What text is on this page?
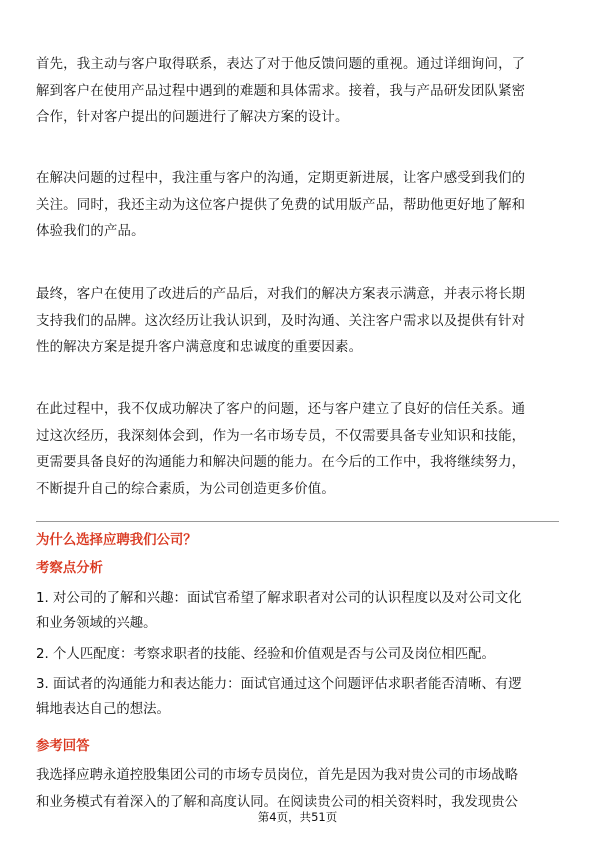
首先，我主动与客户取得联系，表达了对于他反馈问题的重视。通过详细询问，了
解到客户在使用产品过程中遇到的难题和具体需求。接着，我与产品研发团队紧密
合作，针对客户提出的问题进行了解决方案的设计。

在解决问题的过程中，我注重与客户的沟通，定期更新进展，让客户感受到我们的
关注。同时，我还主动为这位客户提供了免费的试用版产品，帮助他更好地了解和
体验我们的产品。

最终，客户在使用了改进后的产品后，对我们的解决方案表示满意，并表示将长期
支持我们的品牌。这次经历让我认识到，及时沟通、关注客户需求以及提供有针对
性的解决方案是提升客户满意度和忠诚度的重要因素。

在此过程中，我不仅成功解决了客户的问题，还与客户建立了良好的信任关系。通
过这次经历，我深刻体会到，作为一名市场专员，不仅需要具备专业知识和技能，
更需要具备良好的沟通能力和解决问题的能力。在今后的工作中，我将继续努力，
不断提升自己的综合素质，为公司创造更多价值。

为什么选择应聘我们公司？
考察点分析

1. 对公司的了解和兴趣：面试官希望了解求职者对公司的认识程度以及对公司文化
和业务领域的兴趣。

2. 个人匹配度：考察求职者的技能、经验和价值观是否与公司及岗位相匹配。

3. 面试者的沟通能力和表达能力：面试官通过这个问题评估求职者能否清晰、有逻
辑地表达自己的想法。

参考回答

我选择应聘永道控股集团公司的市场专员岗位，首先是因为我对贵公司的市场战略
和业务模式有着深入的了解和高度认同。在阅读贵公司的相关资料时，我发现贵公

第4页，共51页
